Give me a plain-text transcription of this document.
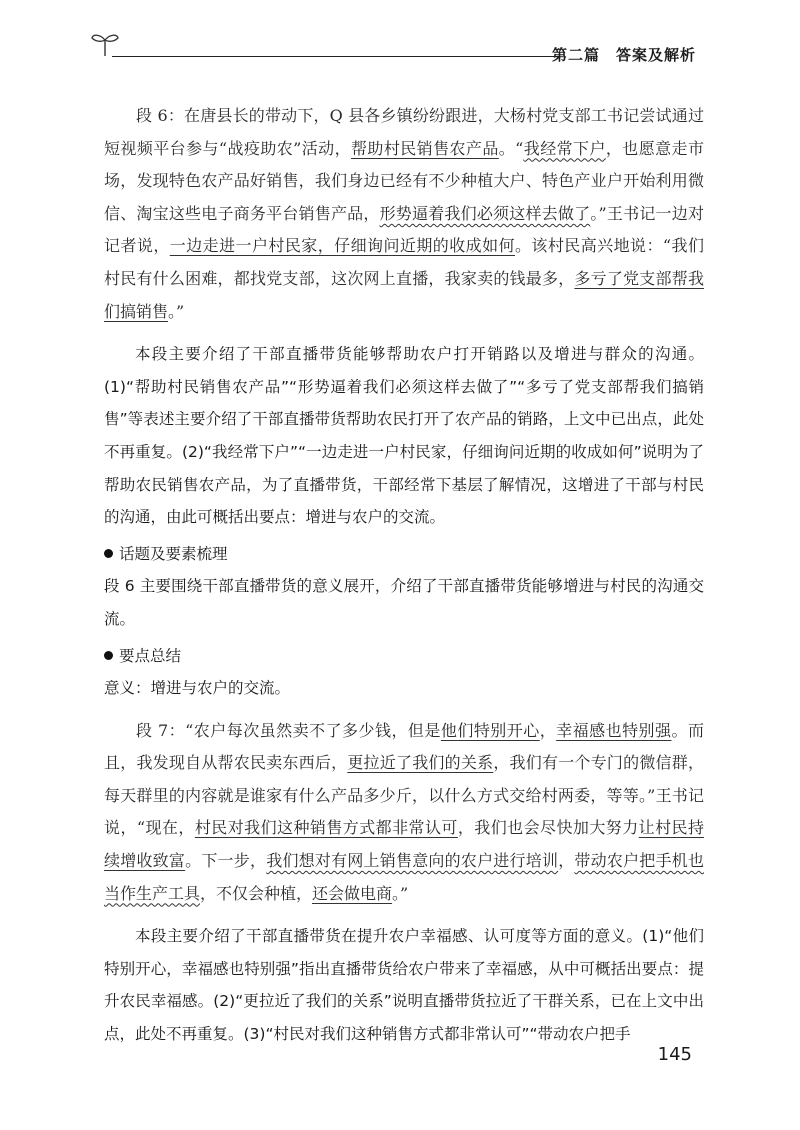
第二篇　答案及解析

段 6：在唐县长的带动下，Q 县各乡镇纷纷跟进，大杨村党支部工书记尝试通过短视频平台参与“战疫助农”活动，帮助村民销售农产品。“我经常下户，也愿意走市场，发现特色农产品好销售，我们身边已经有不少种植大户、特色产业户开始利用微信、淘宝这些电子商务平台销售产品，形势逼着我们必须这样去做了。”王书记一边对记者说，一边走进一户村民家，仔细询问近期的收成如何。该村民高兴地说：“我们村民有什么困难，都找党支部，这次网上直播，我家卖的钱最多，多亏了党支部帮我们搞销售。”

本段主要介绍了干部直播带货能够帮助农户打开销路以及增进与群众的沟通。(1)“帮助村民销售农产品”“形势逼着我们必须这样去做了”“多亏了党支部帮我们搞销售”等表述主要介绍了干部直播带货帮助农民打开了农产品的销路，上文中已出点，此处不再重复。(2)“我经常下户”“一边走进一户村民家，仔细询问近期的收成如何”说明为了帮助农民销售农产品，为了直播带货，干部经常下基层了解情况，这增进了干部与村民的沟通，由此可概括出要点：增进与农户的交流。

话题及要素梳理

段 6 主要围绕干部直播带货的意义展开，介绍了干部直播带货能够增进与村民的沟通交流。

要点总结

意义：增进与农户的交流。

段 7：“农户每次虽然卖不了多少钱，但是他们特别开心，幸福感也特别强。而且，我发现自从帮农民卖东西后，更拉近了我们的关系，我们有一个专门的微信群，每天群里的内容就是谁家有什么产品多少斤，以什么方式交给村两委，等等。”王书记说，“现在，村民对我们这种销售方式都非常认可，我们也会尽快加大努力让村民持续增收致富。下一步，我们想对有网上销售意向的农户进行培训，带动农户把手机也当作生产工具，不仅会种植，还会做电商。”

本段主要介绍了干部直播带货在提升农户幸福感、认可度等方面的意义。(1)“他们特别开心，幸福感也特别强”指出直播带货给农户带来了幸福感，从中可概括出要点：提升农民幸福感。(2)“更拉近了我们的关系”说明直播带货拉近了干群关系，已在上文中出点，此处不再重复。(3)“村民对我们这种销售方式都非常认可”“带动农户把手

145
